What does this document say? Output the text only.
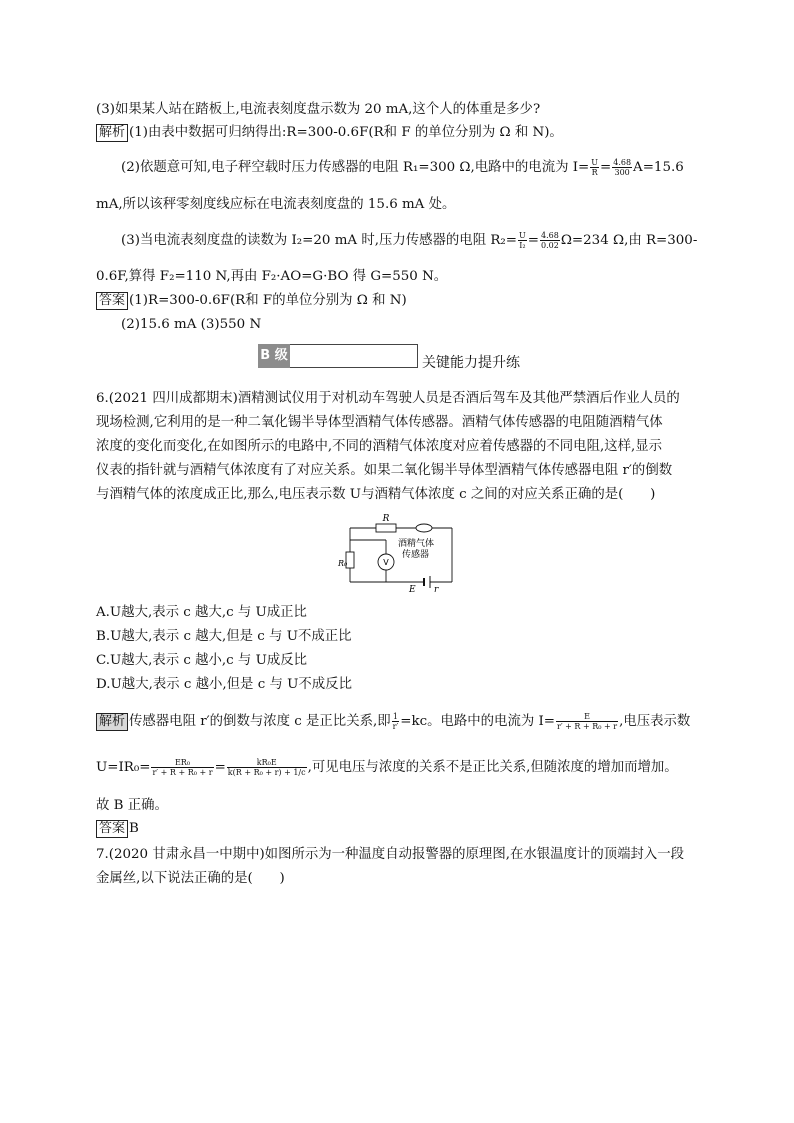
(3)如果某人站在踏板上,电流表刻度盘示数为 20 mA,这个人的体重是多少?
解析 (1)由表中数据可归纳得出:R=300-0.6F(R和 F 的单位分别为 Ω 和 N)。
(2)依题意可知,电子秤空载时压力传感器的电阻 R₁=300 Ω,电路中的电流为 $I= \frac{U}{R} = \frac{4.68}{300} A=15.6$
mA,所以该秤零刻度线应标在电流表刻度盘的 15.6 mA 处。
(3)当电流表刻度盘的读数为 I₂=20 mA 时,压力传感器的电阻 $R_2= \frac{U}{\text{I₂}} = \frac{4.68}{0.02} \Omega=234$ Ω,由 R=300-
0.6F,算得 F₂=110 N,再由 F₂·AO=G·BO 得 G=550 N。
答案 (1)R=300-0.6F(R和 F的单位分别为 Ω 和 N)
(2)15.6 mA (3)550 N
B 级	关键能力提升练
6.(2021 四川成都期末)酒精测试仪用于对机动车驾驶人员是否酒后驾车及其他严禁酒后作业人员的
现场检测,它利用的是一种二氧化锡半导体型酒精气体传感器。酒精气体传感器的电阻随酒精气体
浓度的变化而变化,在如图所示的电路中,不同的酒精气体浓度对应着传感器的不同电阻,这样,显示
仪表的指针就与酒精气体浓度有了对应关系。如果二氧化锡半导体型酒精气体传感器电阻 r′的倒数
与酒精气体的浓度成正比,那么,电压表示数 U与酒精气体浓度 c 之间的对应关系正确的是(　　)
R
R₀	V
酒精气体
传感器
E r
A.U越大,表示 c 越大,c 与 U成正比
B.U越大,表示 c 越大,但是 c 与 U不成正比
C.U越大,表示 c 越小,c 与 U成反比
D.U越大,表示 c 越小,但是 c 与 U不成反比
解析 传感器电阻 r′的倒数与浓度 c 是正比关系,即 $\frac{1}{r'} =kc$。电路中的电流为 $I= \frac{E}{\text{r′ + R + R₀ + r}}$ ,电压表示数
$U=IR_0= \frac{\text{ER₀}}{\text{r′ + R + R₀ + r}} = \frac{\text{kR₀E}}{\text{k(R + R₀ + r) + 1/c}}$ ,可见电压与浓度的关系不是正比关系,但随浓度的增加而增加。
故 B 正确。
答案 B
7.(2020 甘肃永昌一中期中)如图所示为一种温度自动报警器的原理图,在水银温度计的顶端封入一段
金属丝,以下说法正确的是(　　)
